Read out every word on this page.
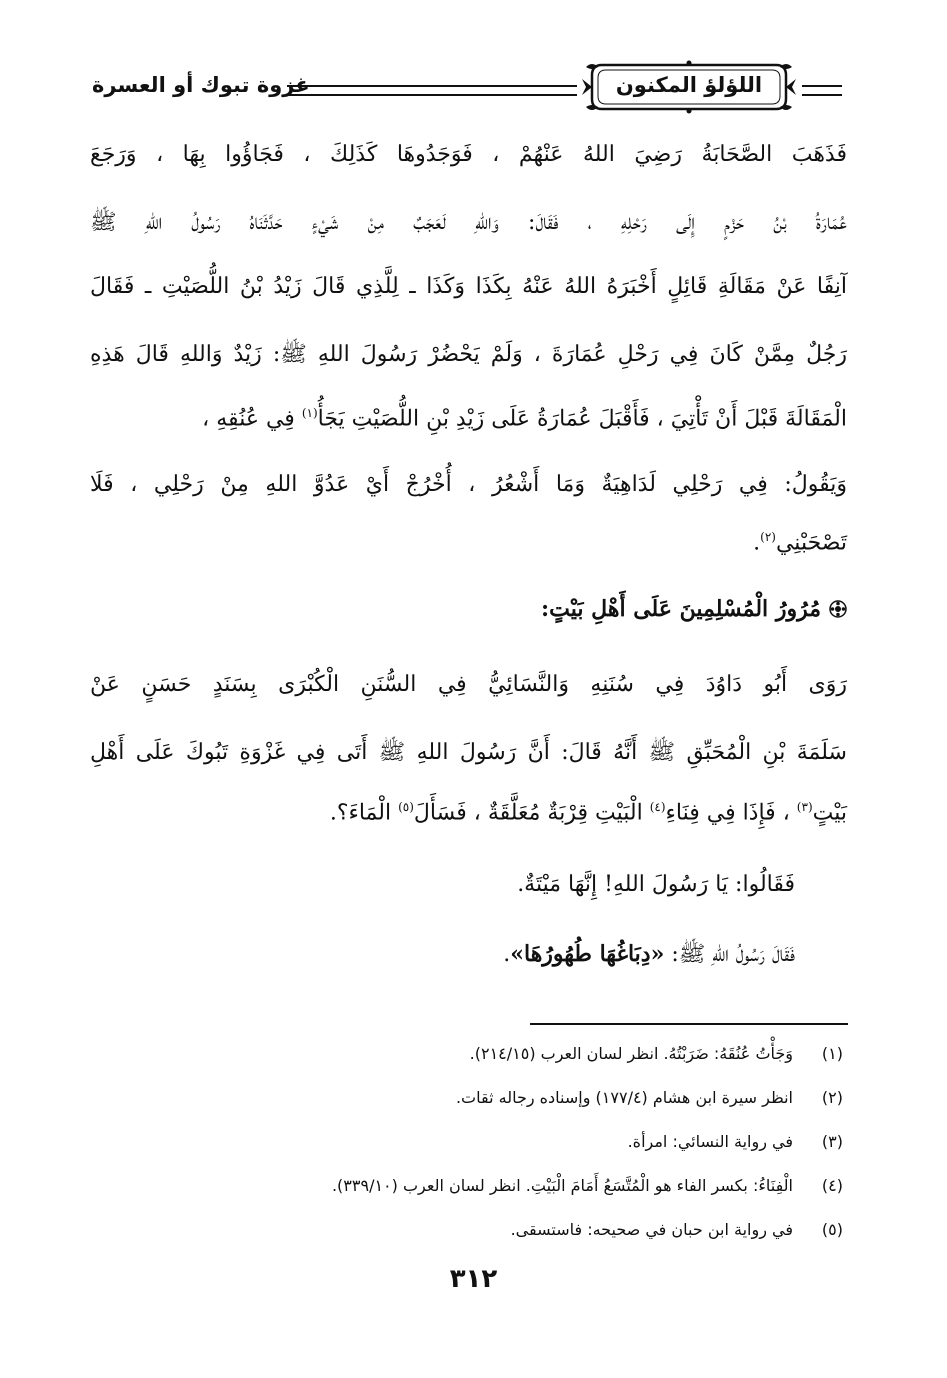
غزوة تبوك أو العسرة	اللؤلؤ المكنون
فَذَهَبَ الصَّحَابَةُ رَضِيَ اللهُ عَنْهُمْ ، فَوَجَدُوهَا كَذَلِكَ ، فَجَاؤُوا بِهَا ، وَرَجَعَ
عُمَارَةُ بْنُ حَزْمٍ إِلَى رَحْلِهِ ، فَقَالَ: وَاللهِ لَعَجَبٌ مِنْ شَيْءٍ حَدَّثَنَاهُ رَسُولُ اللهِ ﷺ
آنِفًا عَنْ مَقَالَةِ قَائِلٍ أَخْبَرَهُ اللهُ عَنْهُ بِكَذَا وَكَذَا ـ لِلَّذِي قَالَ زَيْدُ بْنُ اللُّصَيْتِ ـ فَقَالَ
رَجُلٌ مِمَّنْ كَانَ فِي رَحْلِ عُمَارَةَ ، وَلَمْ يَحْضُرْ رَسُولَ اللهِ ﷺ: زَيْدٌ وَاللهِ قَالَ هَذِهِ
الْمَقَالَةَ قَبْلَ أَنْ تَأْتِيَ ، فَأَقْبَلَ عُمَارَةُ عَلَى زَيْدِ بْنِ اللُّصَيْتِ يَجَأُ$^{(١)}$ فِي عُنُقِهِ ،
وَيَقُولُ: فِي رَحْلِي لَدَاهِيَةٌ وَمَا أَشْعُرُ ، أُخْرُجْ أَيْ عَدُوَّ اللهِ مِنْ رَحْلِي ، فَلَا
تَصْحَبْنِي$^{(٢)}$.
مُرُورُ الْمُسْلِمِينَ عَلَى أَهْلِ بَيْتٍ:
رَوَى أَبُو دَاوُدَ فِي سُنَنِهِ وَالنَّسَائِيُّ فِي السُّنَنِ الْكُبْرَى بِسَنَدٍ حَسَنٍ عَنْ
سَلَمَةَ بْنِ الْمُحَبِّقِ ﷺ أَنَّهُ قَالَ: أَنَّ رَسُولَ اللهِ ﷺ أَتَى فِي غَزْوَةِ تَبُوكَ عَلَى أَهْلِ
بَيْتٍ$^{(٣)}$ ، فَإِذَا فِي فِنَاءِ$^{(٤)}$ الْبَيْتِ قِرْبَةٌ مُعَلَّقَةٌ ، فَسَأَلَ$^{(٥)}$ الْمَاءَ؟.
فَقَالُوا: يَا رَسُولَ اللهِ! إِنَّهَا مَيْتَةٌ.
فَقَالَ رَسُولُ اللهِ ﷺ: «دِبَاغُهَا طُهُورُهَا».
(١)وَجَأْتُ عُنُقَهُ: ضَرَبْتُهُ. انظر لسان العرب (٢١٤/١٥).
(٢)انظر سيرة ابن هشام (١٧٧/٤) وإسناده رجاله ثقات.
(٣)في رواية النسائي: امرأة.
(٤)الْفِنَاءُ: بكسر الفاء هو الْمُتَّسَعُ أَمَامَ الْبَيْتِ. انظر لسان العرب (٣٣٩/١٠).
(٥)في رواية ابن حبان في صحيحه: فاستسقى.
٣١٢
